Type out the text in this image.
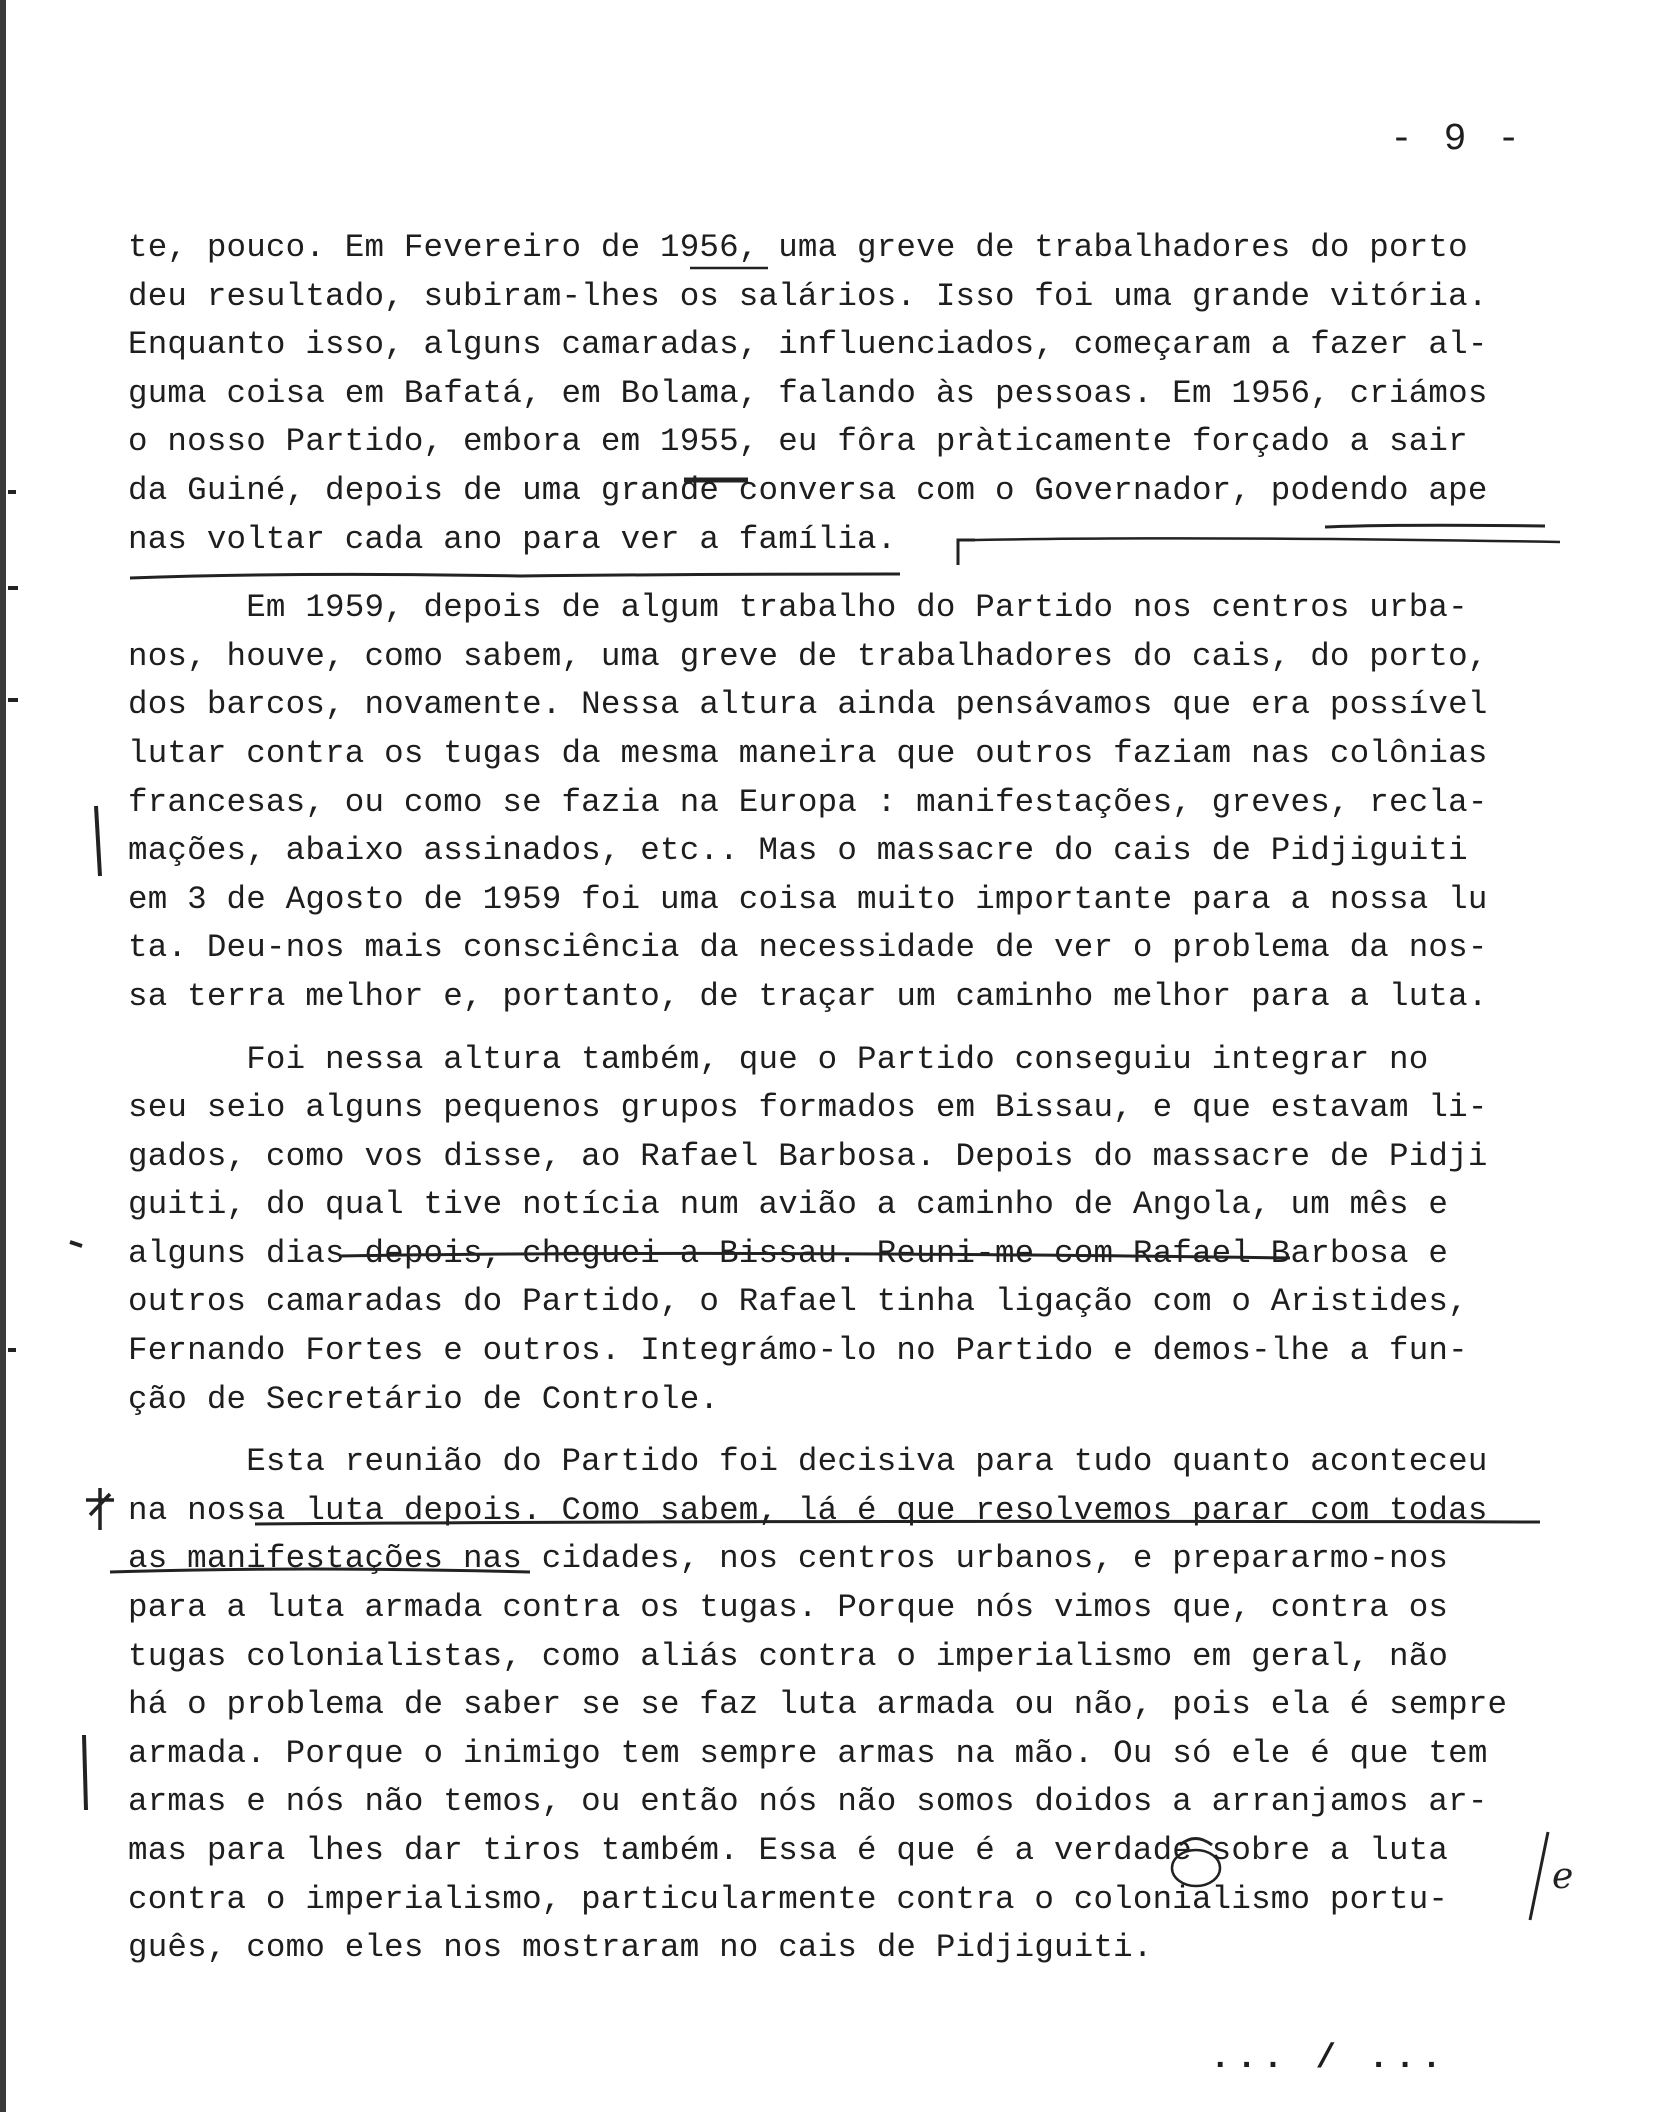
- 9 -
te, pouco. Em Fevereiro de 1956, uma greve de trabalhadores do porto
deu resultado, subiram-lhes os salários. Isso foi uma grande vitória.
Enquanto isso, alguns camaradas, influenciados, começaram a fazer al-
guma coisa em Bafatá, em Bolama, falando às pessoas. Em 1956, criámos
o nosso Partido, embora em 1955, eu fôra pràticamente forçado a sair
da Guiné, depois de uma grande conversa com o Governador, podendo ape
nas voltar cada ano para ver a família.
Em 1959, depois de algum trabalho do Partido nos centros urba-
nos, houve, como sabem, uma greve de trabalhadores do cais, do porto,
dos barcos, novamente. Nessa altura ainda pensávamos que era possível
lutar contra os tugas da mesma maneira que outros faziam nas colônias
francesas, ou como se fazia na Europa : manifestações, greves, recla-
mações, abaixo assinados, etc.. Mas o massacre do cais de Pidjiguiti
em 3 de Agosto de 1959 foi uma coisa muito importante para a nossa lu
ta. Deu-nos mais consciência da necessidade de ver o problema da nos-
sa terra melhor e, portanto, de traçar um caminho melhor para a luta.
Foi nessa altura também, que o Partido conseguiu integrar no
seu seio alguns pequenos grupos formados em Bissau, e que estavam li-
gados, como vos disse, ao Rafael Barbosa. Depois do massacre de Pidji
guiti, do qual tive notícia num avião a caminho de Angola, um mês e
alguns dias depois, cheguei a Bissau. Reuni-me com Rafael Barbosa e
outros camaradas do Partido, o Rafael tinha ligação com o Aristides,
Fernando Fortes e outros. Integrámo-lo no Partido e demos-lhe a fun-
ção de Secretário de Controle.
Esta reunião do Partido foi decisiva para tudo quanto aconteceu
na nossa luta depois. Como sabem, lá é que resolvemos parar com todas
as manifestações nas cidades, nos centros urbanos, e prepararmo-nos
para a luta armada contra os tugas. Porque nós vimos que, contra os
tugas colonialistas, como aliás contra o imperialismo em geral, não
há o problema de saber se se faz luta armada ou não, pois ela é sempre
armada. Porque o inimigo tem sempre armas na mão. Ou só ele é que tem
armas e nós não temos, ou então nós não somos doidos a arranjamos ar-
mas para lhes dar tiros também. Essa é que é a verdade sobre a luta
contra o imperialismo, particularmente contra o colonialismo portu-
guês, como eles nos mostraram no cais de Pidjiguiti.
e
... / ...
